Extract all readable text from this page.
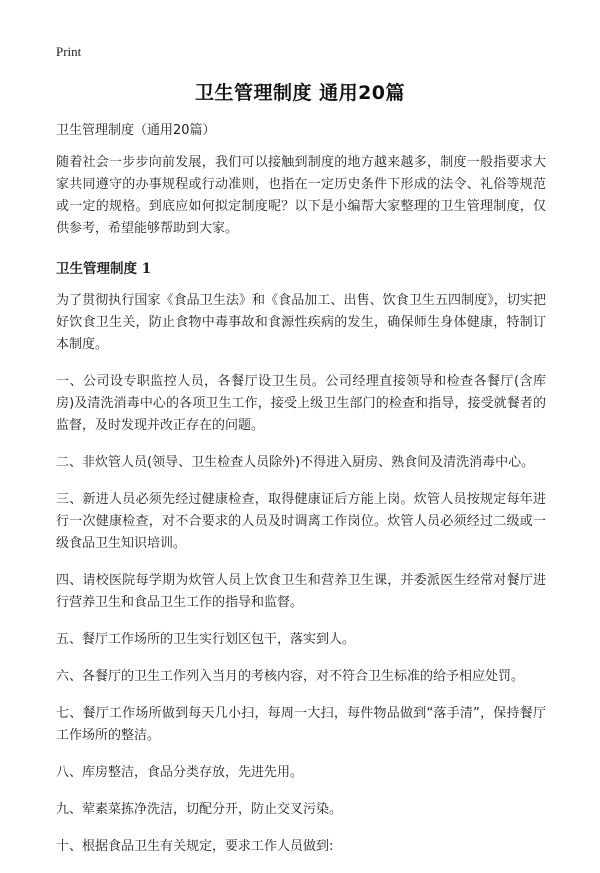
Print
卫生管理制度 通用20篇

卫生管理制度（通用20篇）

随着社会一步步向前发展，我们可以接触到制度的地方越来越多，制度一般指要求大家共同遵守的办事规程或行动准则，也指在一定历史条件下形成的法令、礼俗等规范或一定的规格。到底应如何拟定制度呢？以下是小编帮大家整理的卫生管理制度，仅供参考，希望能够帮助到大家。

卫生管理制度 1

为了贯彻执行国家《食品卫生法》和《食品加工、出售、饮食卫生五四制度》，切实把好饮食卫生关，防止食物中毒事故和食源性疾病的发生，确保师生身体健康，特制订本制度。

一、公司设专职监控人员，各餐厅设卫生员。公司经理直接领导和检查各餐厅(含库房)及清洗消毒中心的各项卫生工作，接受上级卫生部门的检查和指导，接受就餐者的监督，及时发现并改正存在的问题。

二、非炊管人员(领导、卫生检查人员除外)不得进入厨房、熟食间及清洗消毒中心。

三、新进人员必须先经过健康检查，取得健康证后方能上岗。炊管人员按规定每年进行一次健康检查，对不合要求的人员及时调离工作岗位。炊管人员必须经过二级或一级食品卫生知识培训。

四、请校医院每学期为炊管人员上饮食卫生和营养卫生课，并委派医生经常对餐厅进行营养卫生和食品卫生工作的指导和监督。

五、餐厅工作场所的卫生实行划区包干，落实到人。

六、各餐厅的卫生工作列入当月的考核内容，对不符合卫生标准的给予相应处罚。

七、餐厅工作场所做到每天几小扫，每周一大扫，每件物品做到“落手清”，保持餐厅工作场所的整洁。

八、库房整洁，食品分类存放，先进先用。

九、荤素菜拣净洗洁，切配分开，防止交叉污染。

十、根据食品卫生有关规定，要求工作人员做到:
